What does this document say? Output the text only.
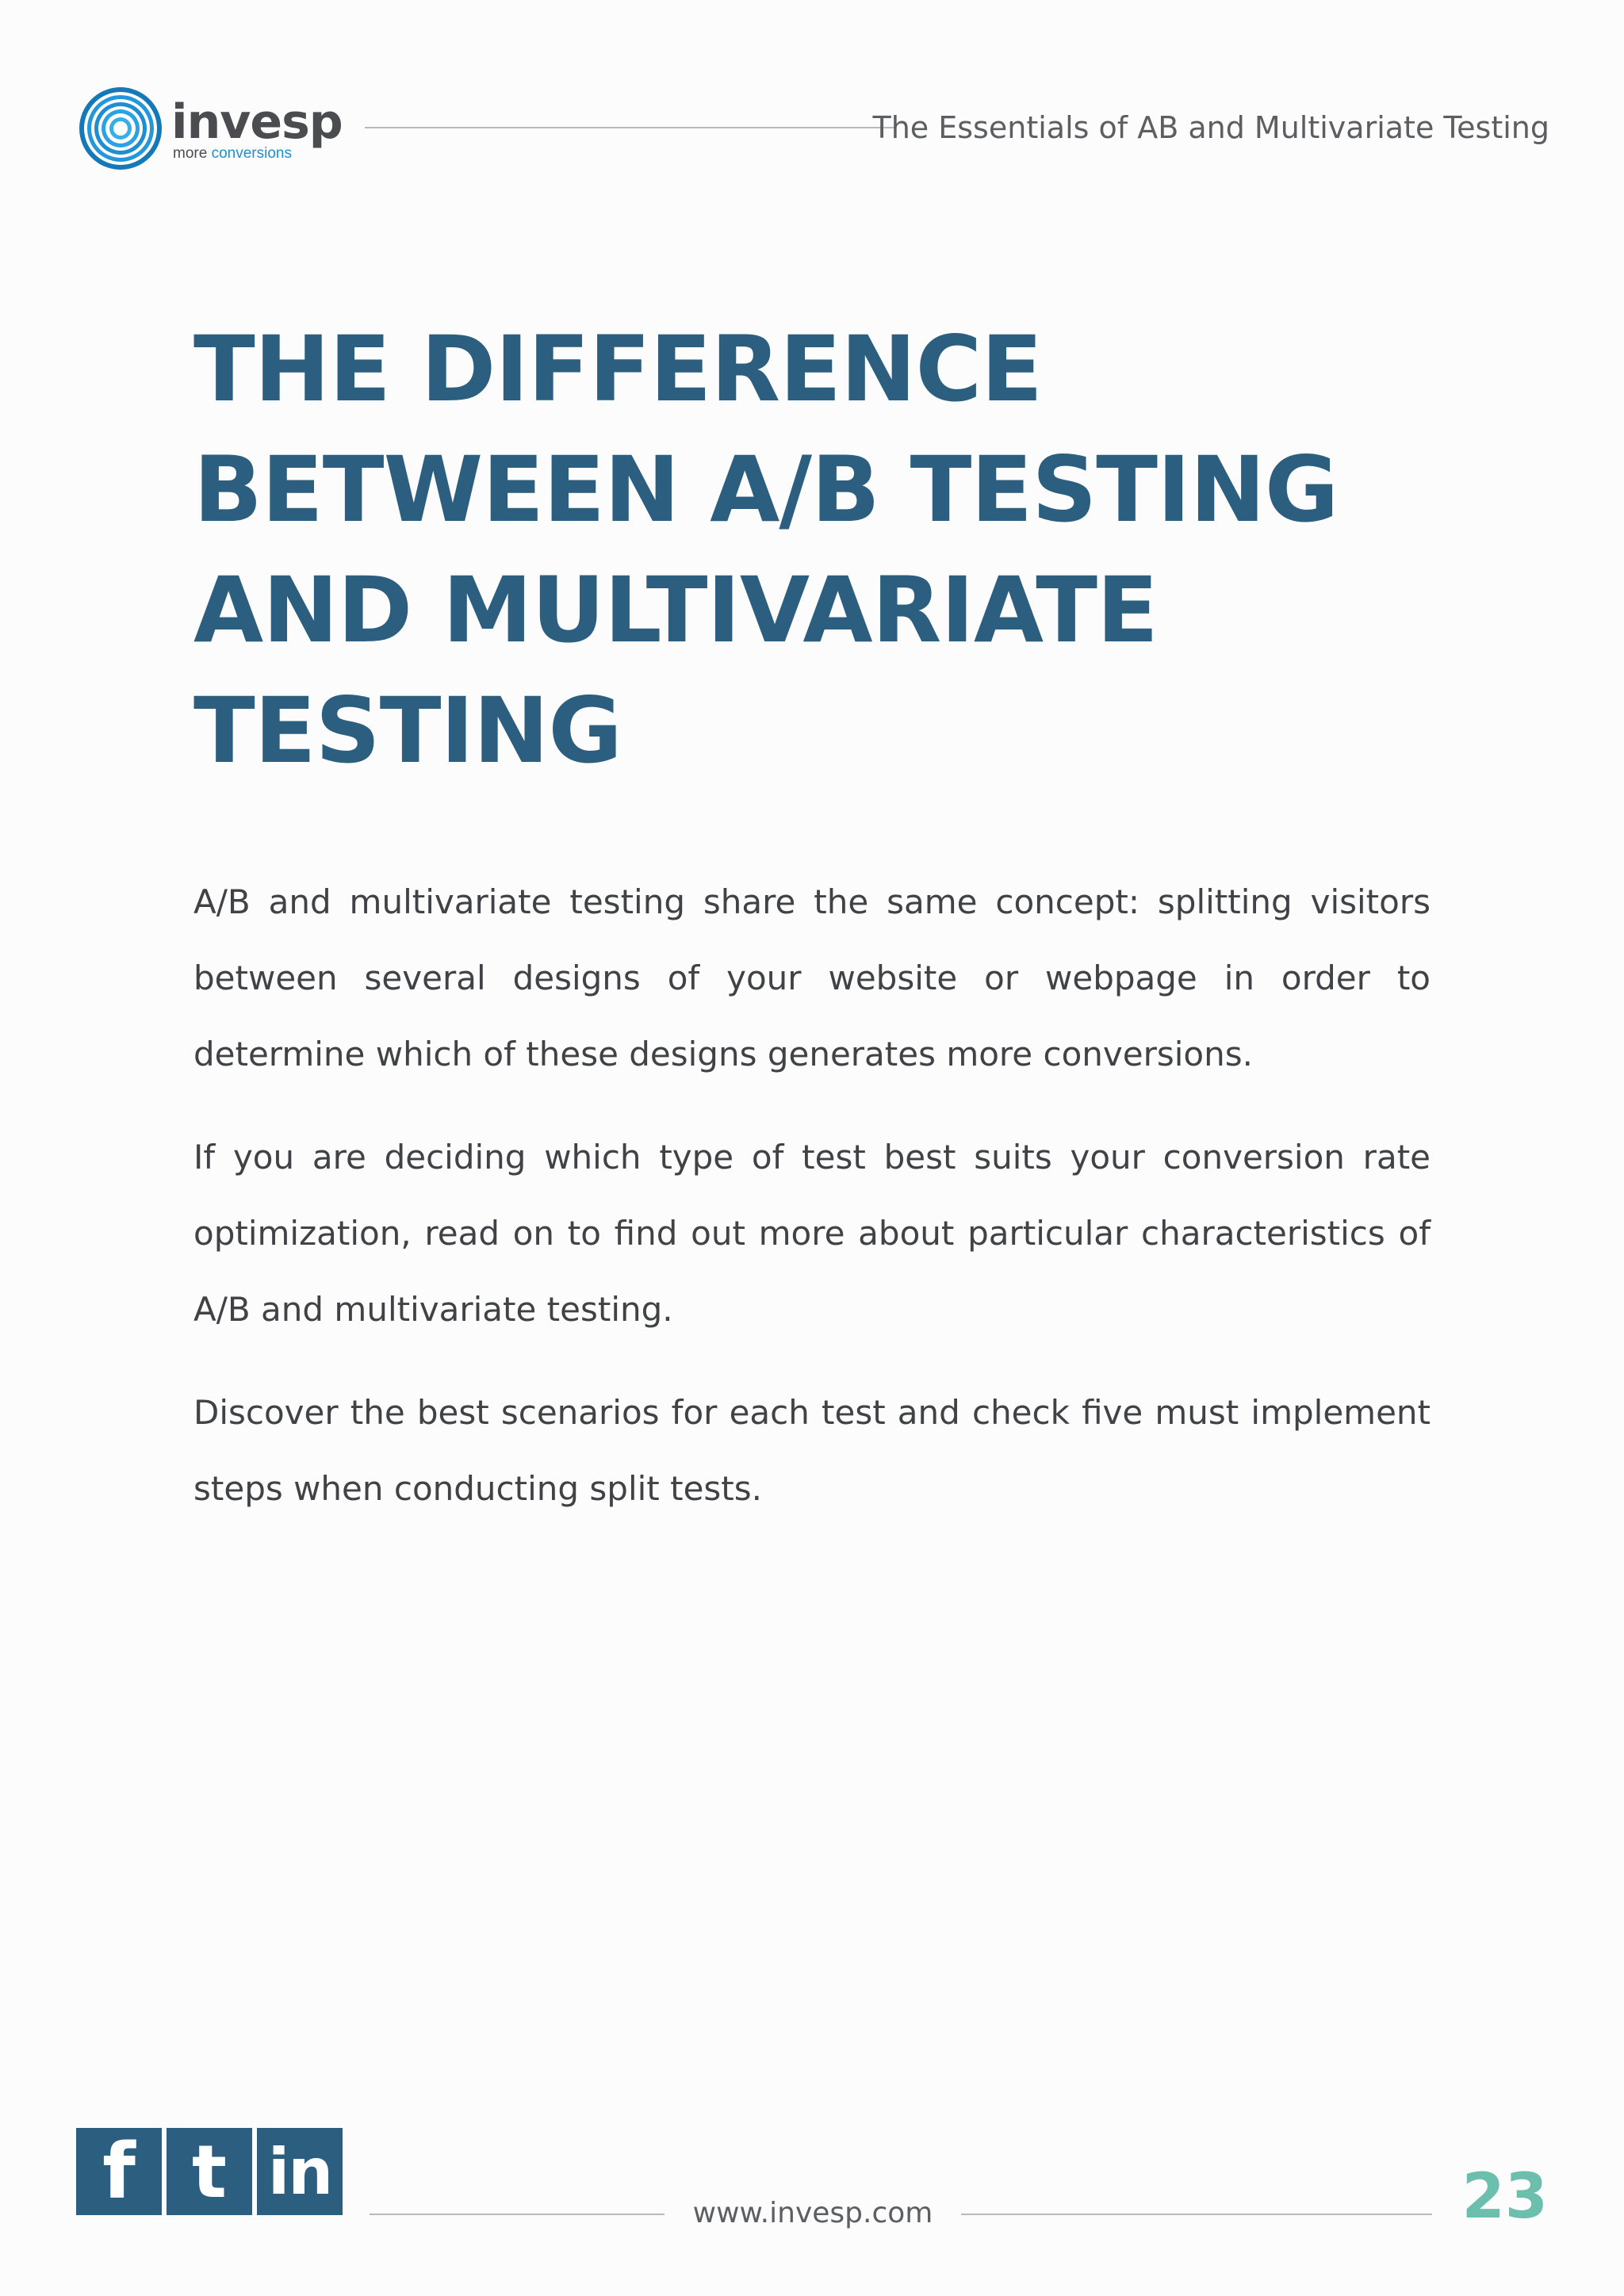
invesp
more conversions
The Essentials of AB and Multivariate Testing
THE DIFFERENCE
BETWEEN A/B TESTING
AND MULTIVARIATE
TESTING

A/B and multivariate testing share the same concept: splitting visitors between several designs of your website or webpage in order to determine which of these designs generates more conversions.

If you are deciding which type of test best suits your conversion rate optimization, read on to find out more about particular characteristics of A/B and multivariate testing.

Discover the best scenarios for each test and check five must implement steps when conducting split tests.

f t in
www.invesp.com	23
